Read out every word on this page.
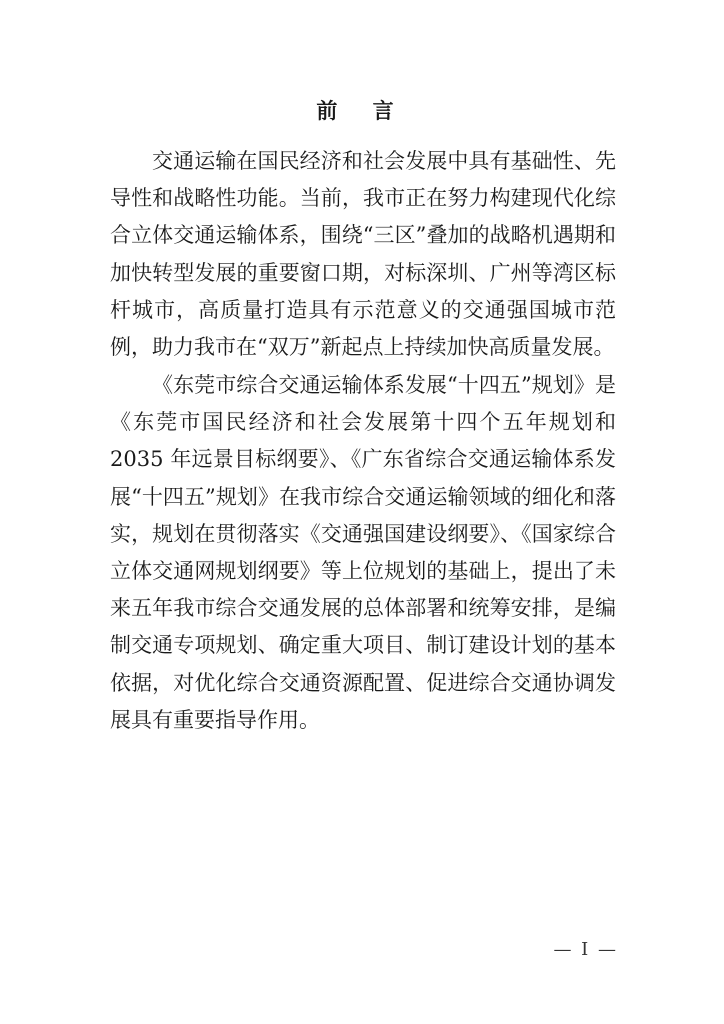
前 言

交通运输在国民经济和社会发展中具有基础性、先导性和战略性功能。当前，我市正在努力构建现代化综合立体交通运输体系，围绕“三区”叠加的战略机遇期和加快转型发展的重要窗口期，对标深圳、广州等湾区标杆城市，高质量打造具有示范意义的交通强国城市范例，助力我市在“双万”新起点上持续加快高质量发展。

《东莞市综合交通运输体系发展“十四五”规划》是《东莞市国民经济和社会发展第十四个五年规划和 2035 年远景目标纲要》、《广东省综合交通运输体系发展“十四五”规划》在我市综合交通运输领域的细化和落实，规划在贯彻落实《交通强国建设纲要》、《国家综合立体交通网规划纲要》等上位规划的基础上，提出了未来五年我市综合交通发展的总体部署和统筹安排，是编制交通专项规划、确定重大项目、制订建设计划的基本依据，对优化综合交通资源配置、促进综合交通协调发展具有重要指导作用。

— I —
